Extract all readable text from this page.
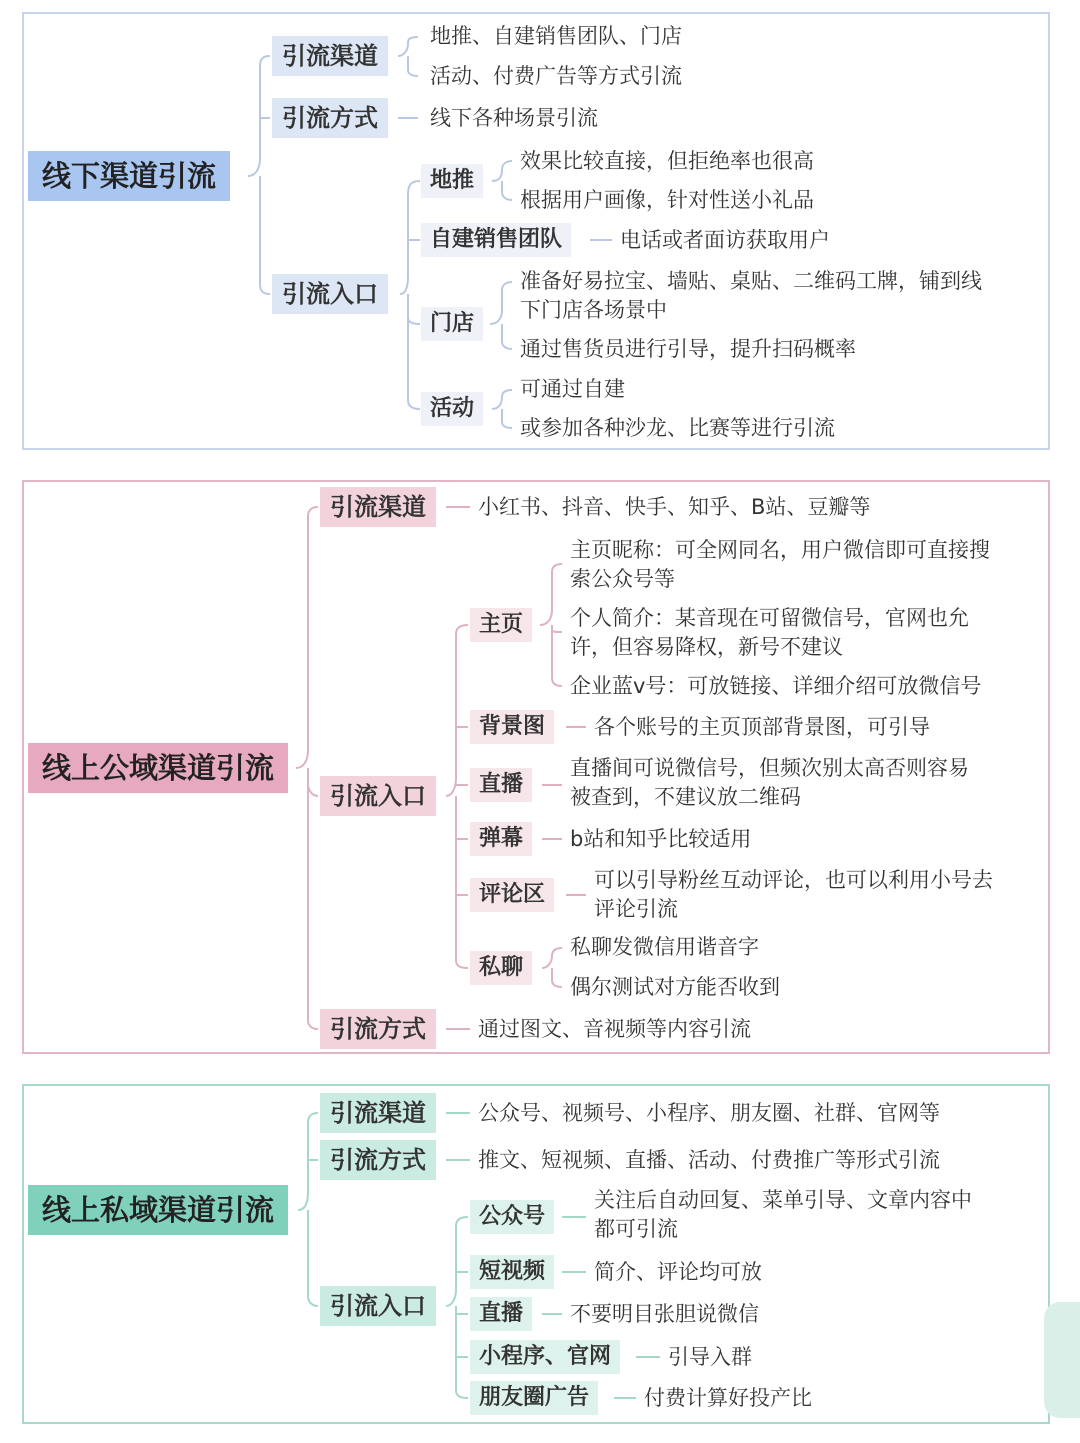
线下渠道引流
引流渠道
地推、自建销售团队、门店
活动、付费广告等方式引流
引流方式	线下各种场景引流
引流入口
地推
效果比较直接，但拒绝率也很高
根据用户画像，针对性送小礼品
自建销售团队	电话或者面访获取用户
门店
准备好易拉宝、墙贴、桌贴、二维码工牌，铺到线
下门店各场景中
通过售货员进行引导，提升扫码概率
活动
可通过自建
或参加各种沙龙、比赛等进行引流
线上公域渠道引流
引流渠道	小红书、抖音、快手、知乎、B站、豆瓣等
引流入口
主页
主页昵称：可全网同名，用户微信即可直接搜
索公众号等
个人简介：某音现在可留微信号，官网也允
许，但容易降权，新号不建议
企业蓝v号：可放链接、详细介绍可放微信号
背景图	各个账号的主页顶部背景图，可引导
直播
直播间可说微信号，但频次别太高否则容易
被查到，不建议放二维码
弹幕	b站和知乎比较适用
评论区
可以引导粉丝互动评论，也可以利用小号去
评论引流
私聊
私聊发微信用谐音字
偶尔测试对方能否收到
引流方式	通过图文、音视频等内容引流
线上私域渠道引流
引流渠道	公众号、视频号、小程序、朋友圈、社群、官网等
引流方式	推文、短视频、直播、活动、付费推广等形式引流
引流入口
公众号
关注后自动回复、菜单引导、文章内容中
都可引流
短视频	简介、评论均可放
直播	不要明目张胆说微信
小程序、官网	引导入群
朋友圈广告	付费计算好投产比
